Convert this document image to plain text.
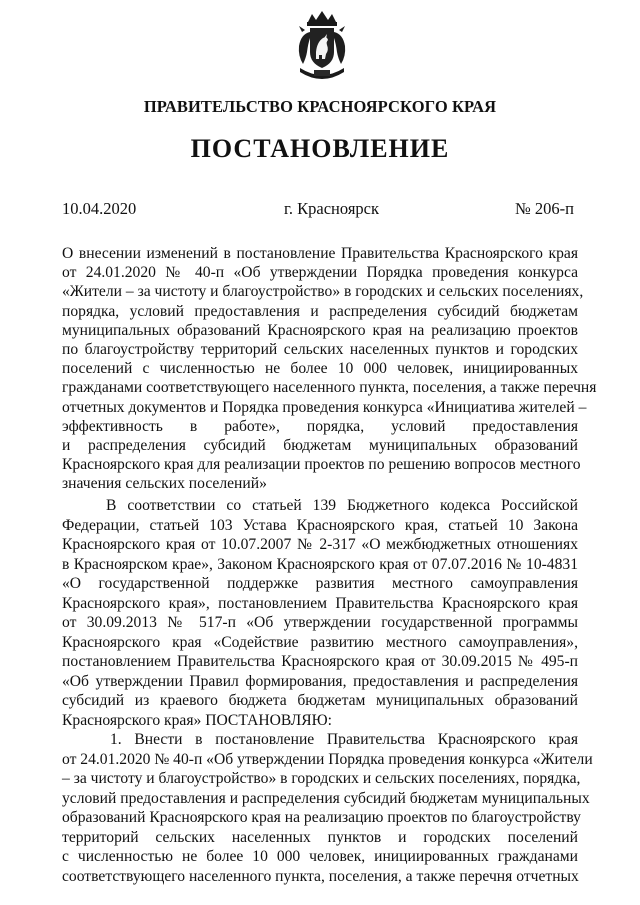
ПРАВИТЕЛЬСТВО КРАСНОЯРСКОГО КРАЯ
ПОСТАНОВЛЕНИЕ
10.04.2020	г. Красноярск	№ 206-п
О внесении изменений в постановление Правительства Красноярского края
от 24.01.2020 № 40-п «Об утверждении Порядка проведения конкурса
«Жители – за чистоту и благоустройство» в городских и сельских поселениях,
порядка, условий предоставления и распределения субсидий бюджетам
муниципальных образований Красноярского края на реализацию проектов
по благоустройству территорий сельских населенных пунктов и городских
поселений с численностью не более 10 000 человек, инициированных
гражданами соответствующего населенного пункта, поселения, а также перечня
отчетных документов и Порядка проведения конкурса «Инициатива жителей –
эффективность в работе», порядка, условий предоставления
и распределения субсидий бюджетам муниципальных образований
Красноярского края для реализации проектов по решению вопросов местного
значения сельских поселений»
В соответствии со статьей 139 Бюджетного кодекса Российской
Федерации, статьей 103 Устава Красноярского края, статьей 10 Закона
Красноярского края от 10.07.2007 № 2-317 «О межбюджетных отношениях
в Красноярском крае», Законом Красноярского края от 07.07.2016 № 10-4831
«О государственной поддержке развития местного самоуправления
Красноярского края», постановлением Правительства Красноярского края
от 30.09.2013 № 517-п «Об утверждении государственной программы
Красноярского края «Содействие развитию местного самоуправления»,
постановлением Правительства Красноярского края от 30.09.2015 № 495-п
«Об утверждении Правил формирования, предоставления и распределения
субсидий из краевого бюджета бюджетам муниципальных образований
Красноярского края» ПОСТАНОВЛЯЮ:
1. Внести в постановление Правительства Красноярского края
от 24.01.2020 № 40-п «Об утверждении Порядка проведения конкурса «Жители
– за чистоту и благоустройство» в городских и сельских поселениях, порядка,
условий предоставления и распределения субсидий бюджетам муниципальных
образований Красноярского края на реализацию проектов по благоустройству
территорий сельских населенных пунктов и городских поселений
с численностью не более 10 000 человек, инициированных гражданами
соответствующего населенного пункта, поселения, а также перечня отчетных
